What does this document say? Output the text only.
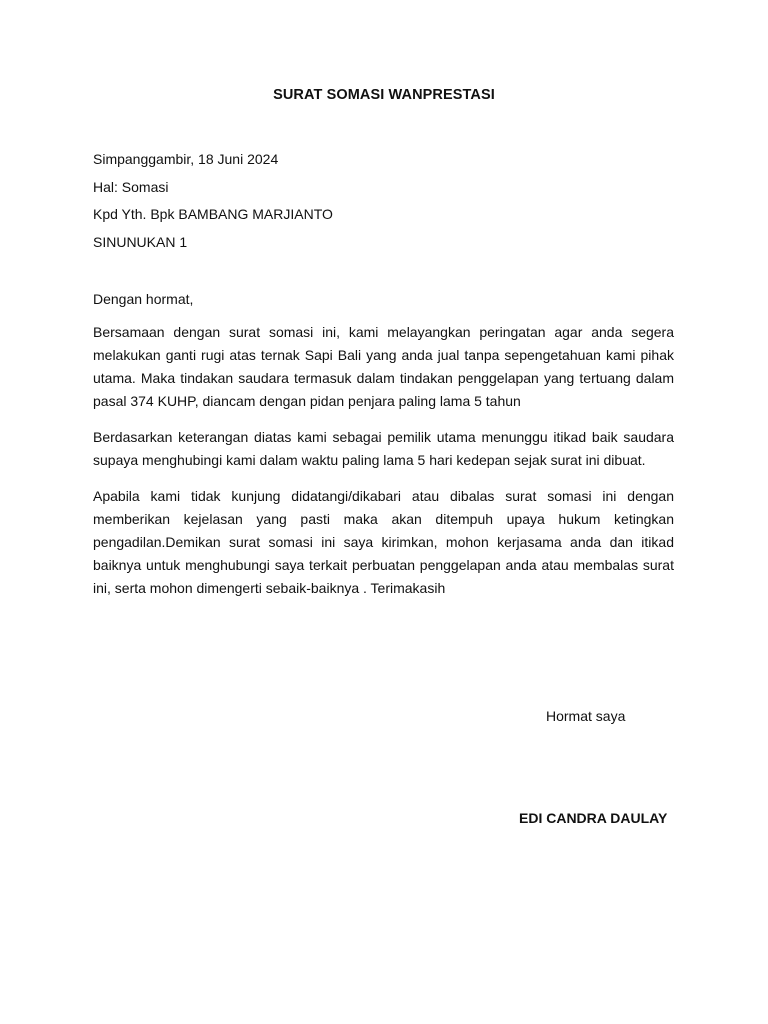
SURAT SOMASI WANPRESTASI
Simpanggambir, 18 Juni 2024
Hal: Somasi
Kpd Yth. Bpk BAMBANG MARJIANTO
SINUNUKAN 1
Dengan hormat,
Bersamaan dengan surat somasi ini, kami melayangkan peringatan agar anda segera melakukan ganti rugi atas ternak Sapi Bali yang anda jual tanpa sepengetahuan kami pihak utama. Maka tindakan saudara termasuk dalam tindakan penggelapan yang tertuang dalam pasal 374 KUHP, diancam dengan pidan penjara paling lama 5 tahun
Berdasarkan keterangan diatas kami sebagai pemilik utama menunggu itikad baik saudara supaya menghubingi kami dalam waktu paling lama 5 hari kedepan sejak surat ini dibuat.
Apabila kami tidak kunjung didatangi/dikabari atau dibalas surat somasi ini dengan memberikan kejelasan yang pasti maka akan ditempuh upaya hukum ketingkan pengadilan.Demikan surat somasi ini saya kirimkan, mohon kerjasama anda dan itikad baiknya untuk menghubungi saya terkait perbuatan penggelapan anda atau membalas surat ini, serta mohon dimengerti sebaik-baiknya . Terimakasih
Hormat saya
EDI CANDRA DAULAY
